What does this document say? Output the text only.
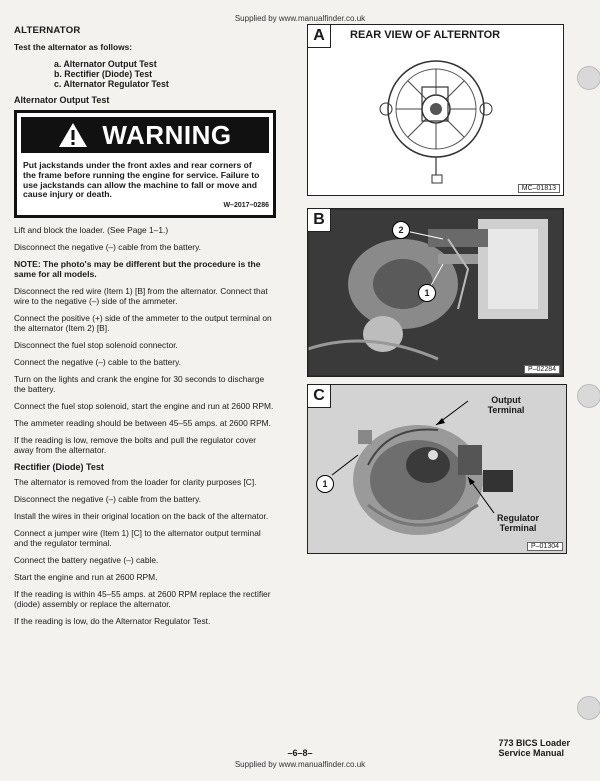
Supplied by www.manualfinder.co.uk
ALTERNATOR
Test the alternator as follows:
a. Alternator Output Test
b. Rectifier (Diode) Test
c. Alternator Regulator Test
Alternator Output Test
WARNING
Put jackstands under the front axles and rear corners of the frame before running the engine for service. Failure to use jackstands can allow the machine to fall or move and cause injury or death.
W–2017–0286
Lift and block the loader. (See Page 1–1.)
Disconnect the negative (–) cable from the battery.
NOTE: The photo's may be different but the procedure is the same for all models.
Disconnect the red wire (Item 1) [B] from the alternator. Connect that wire to the negative (–) side of the ammeter.
Connect the positive (+) side of the ammeter to the output terminal on the alternator (Item 2) [B].
Disconnect the fuel stop solenoid connector.
Connect the negative (–) cable to the battery.
Turn on the lights and crank the engine for 30 seconds to discharge the battery.
Connect the fuel stop solenoid, start the engine and run at 2600 RPM.
The ammeter reading should be between 45–55 amps. at 2600 RPM.
If the reading is low, remove the bolts and pull the regulator cover away from the alternator.
Rectifier (Diode) Test
The alternator is removed from the loader for clarity purposes [C].
Disconnect the negative (–) cable from the battery.
Install the wires in their original location on the back of the alternator.
Connect a jumper wire (Item 1) [C] to the alternator output terminal and the regulator terminal.
Connect the battery negative (–) cable.
Start the engine and run at 2600 RPM.
If the reading is within 45–55 amps. at 2600 RPM replace the rectifier (diode) assembly or replace the alternator.
If the reading is low, do the Alternator Regulator Test.
A	REAR VIEW OF ALTERNTOR
MC–01813
B
2
1
P–02284
C	Output Terminal
Regulator Terminal
1
P–01304
773 BICS Loader
Service Manual
–6–8–
Supplied by www.manualfinder.co.uk
